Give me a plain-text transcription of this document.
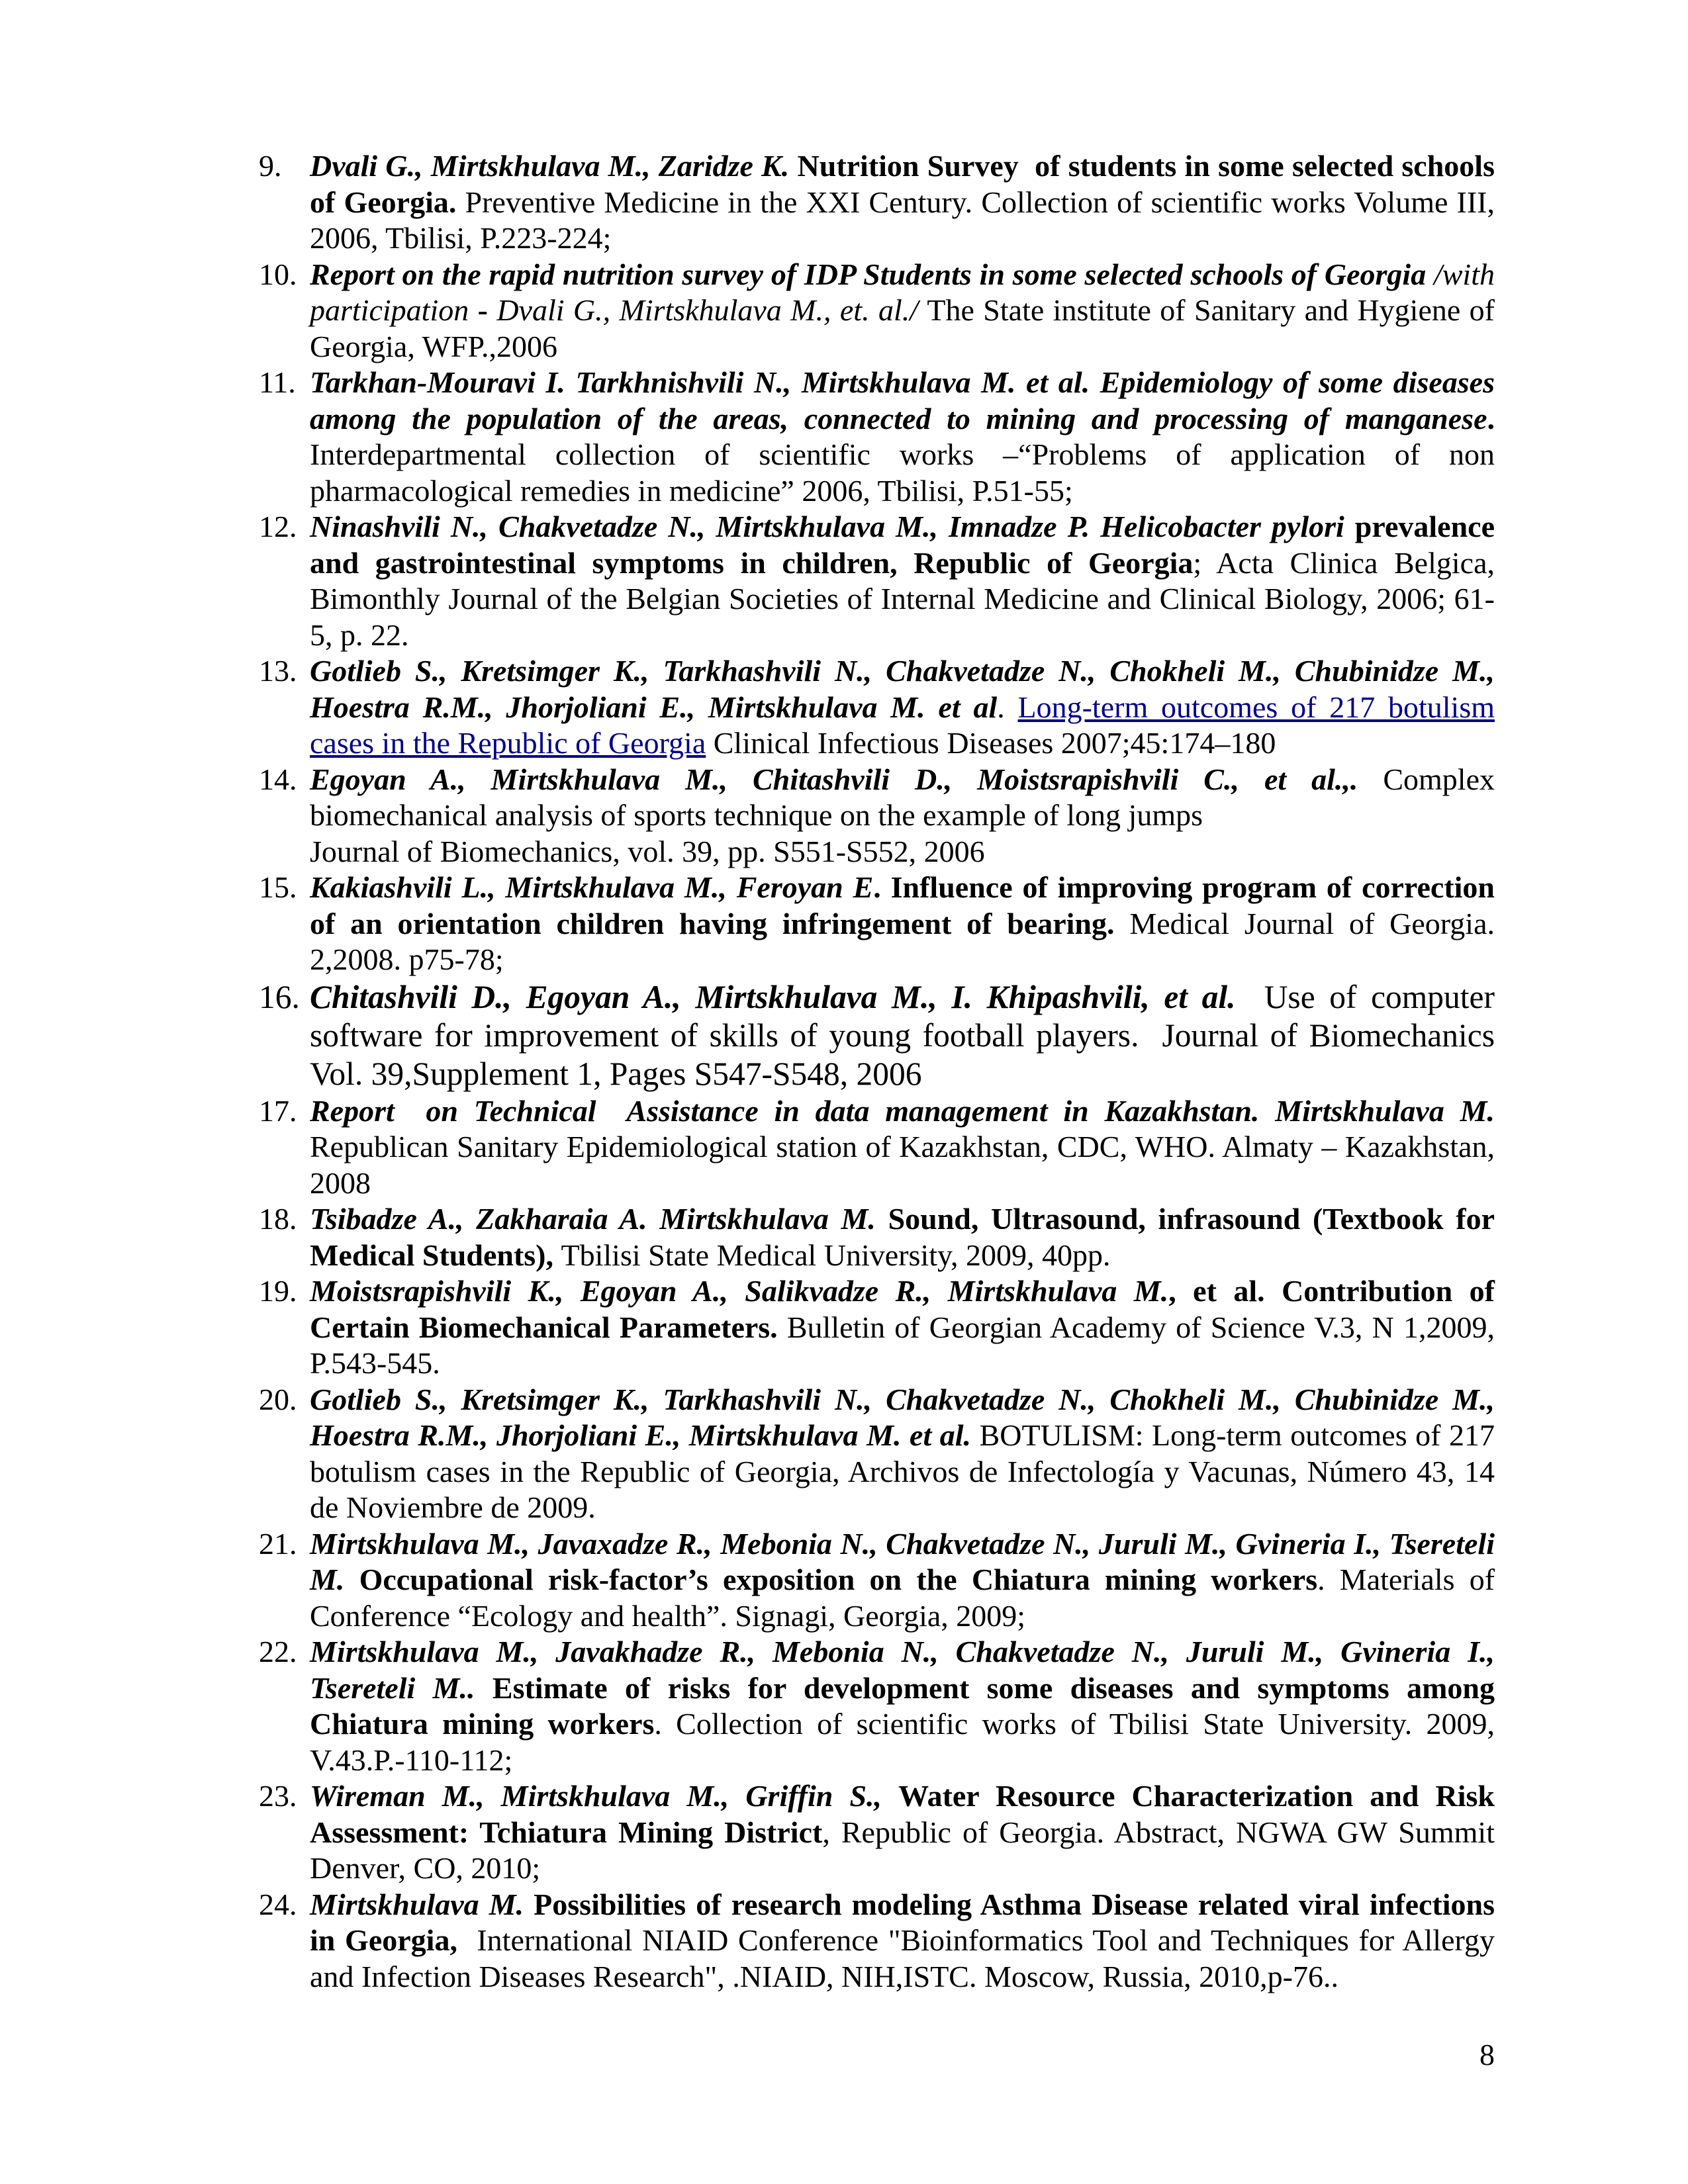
9. Dvali G., Mirtskhulava M., Zaridze K. Nutrition Survey  of students in some selected schools of Georgia. Preventive Medicine in the XXI Century. Collection of scientific works Volume III, 2006, Tbilisi, P.223-224;
10. Report on the rapid nutrition survey of IDP Students in some selected schools of Georgia /with participation - Dvali G., Mirtskhulava M., et. al./ The State institute of Sanitary and Hygiene of Georgia, WFP.,2006
11. Tarkhan-Mouravi I. Tarkhnishvili N., Mirtskhulava M. et al. Epidemiology of some diseases among the population of the areas, connected to mining and processing of manganese. Interdepartmental collection of scientific works –“Problems of application of non pharmacological remedies in medicine” 2006, Tbilisi, P.51-55;
12. Ninashvili N., Chakvetadze N., Mirtskhulava M., Imnadze P. Helicobacter pylori prevalence and gastrointestinal symptoms in children, Republic of Georgia; Acta Clinica Belgica, Bimonthly Journal of the Belgian Societies of Internal Medicine and Clinical Biology, 2006; 61-5, p. 22.
13. Gotlieb S., Kretsimger K., Tarkhashvili N., Chakvetadze N., Chokheli M., Chubinidze M., Hoestra R.M., Jhorjoliani E., Mirtskhulava M. et al. Long-term outcomes of 217 botulism cases in the Republic of Georgia Clinical Infectious Diseases 2007;45:174–180
14. Egoyan A., Mirtskhulava M., Chitashvili D., Moistsrapishvili C., et al.,. Complex biomechanical analysis of sports technique on the example of long jumps
Journal of Biomechanics, vol. 39, pp. S551-S552, 2006
15. Kakiashvili L., Mirtskhulava M., Feroyan E. Influence of improving program of correction of an orientation children having infringement of bearing. Medical Journal of Georgia. 2,2008. p75-78;
16. Chitashvili D., Egoyan A., Mirtskhulava M., I. Khipashvili, et al.  Use of computer software for improvement of skills of young football players.  Journal of Biomechanics Vol. 39,Supplement 1, Pages S547-S548, 2006
17. Report  on Technical  Assistance in data management in Kazakhstan. Mirtskhulava M. Republican Sanitary Epidemiological station of Kazakhstan, CDC, WHO. Almaty – Kazakhstan, 2008
18. Tsibadze A., Zakharaia A. Mirtskhulava M. Sound, Ultrasound, infrasound (Textbook for Medical Students), Tbilisi State Medical University, 2009, 40pp.
19. Moistsrapishvili K., Egoyan A., Salikvadze R., Mirtskhulava M., et al. Contribution of Certain Biomechanical Parameters. Bulletin of Georgian Academy of Science V.3, N 1,2009, P.543-545.
20. Gotlieb S., Kretsimger K., Tarkhashvili N., Chakvetadze N., Chokheli M., Chubinidze M., Hoestra R.M., Jhorjoliani E., Mirtskhulava M. et al. BOTULISM: Long-term outcomes of 217 botulism cases in the Republic of Georgia, Archivos de Infectología y Vacunas, Número 43, 14 de Noviembre de 2009.
21. Mirtskhulava M., Javaxadze R., Mebonia N., Chakvetadze N., Juruli M., Gvineria I., Tsereteli M. Occupational risk-factor’s exposition on the Chiatura mining workers. Materials of Conference “Ecology and health”. Signagi, Georgia, 2009;
22. Mirtskhulava M., Javakhadze R., Mebonia N., Chakvetadze N., Juruli M., Gvineria I., Tsereteli M.. Estimate of risks for development some diseases and symptoms among Chiatura mining workers. Collection of scientific works of Tbilisi State University. 2009, V.43.P.-110-112;
23. Wireman M., Mirtskhulava M., Griffin S., Water Resource Characterization and Risk Assessment: Tchiatura Mining District, Republic of Georgia. Abstract, NGWA GW Summit Denver, CO, 2010;
24. Mirtskhulava M. Possibilities of research modeling Asthma Disease related viral infections in Georgia,  International NIAID Conference "Bioinformatics Tool and Techniques for Allergy and Infection Diseases Research", .NIAID, NIH,ISTC. Moscow, Russia, 2010,p-76..
8
